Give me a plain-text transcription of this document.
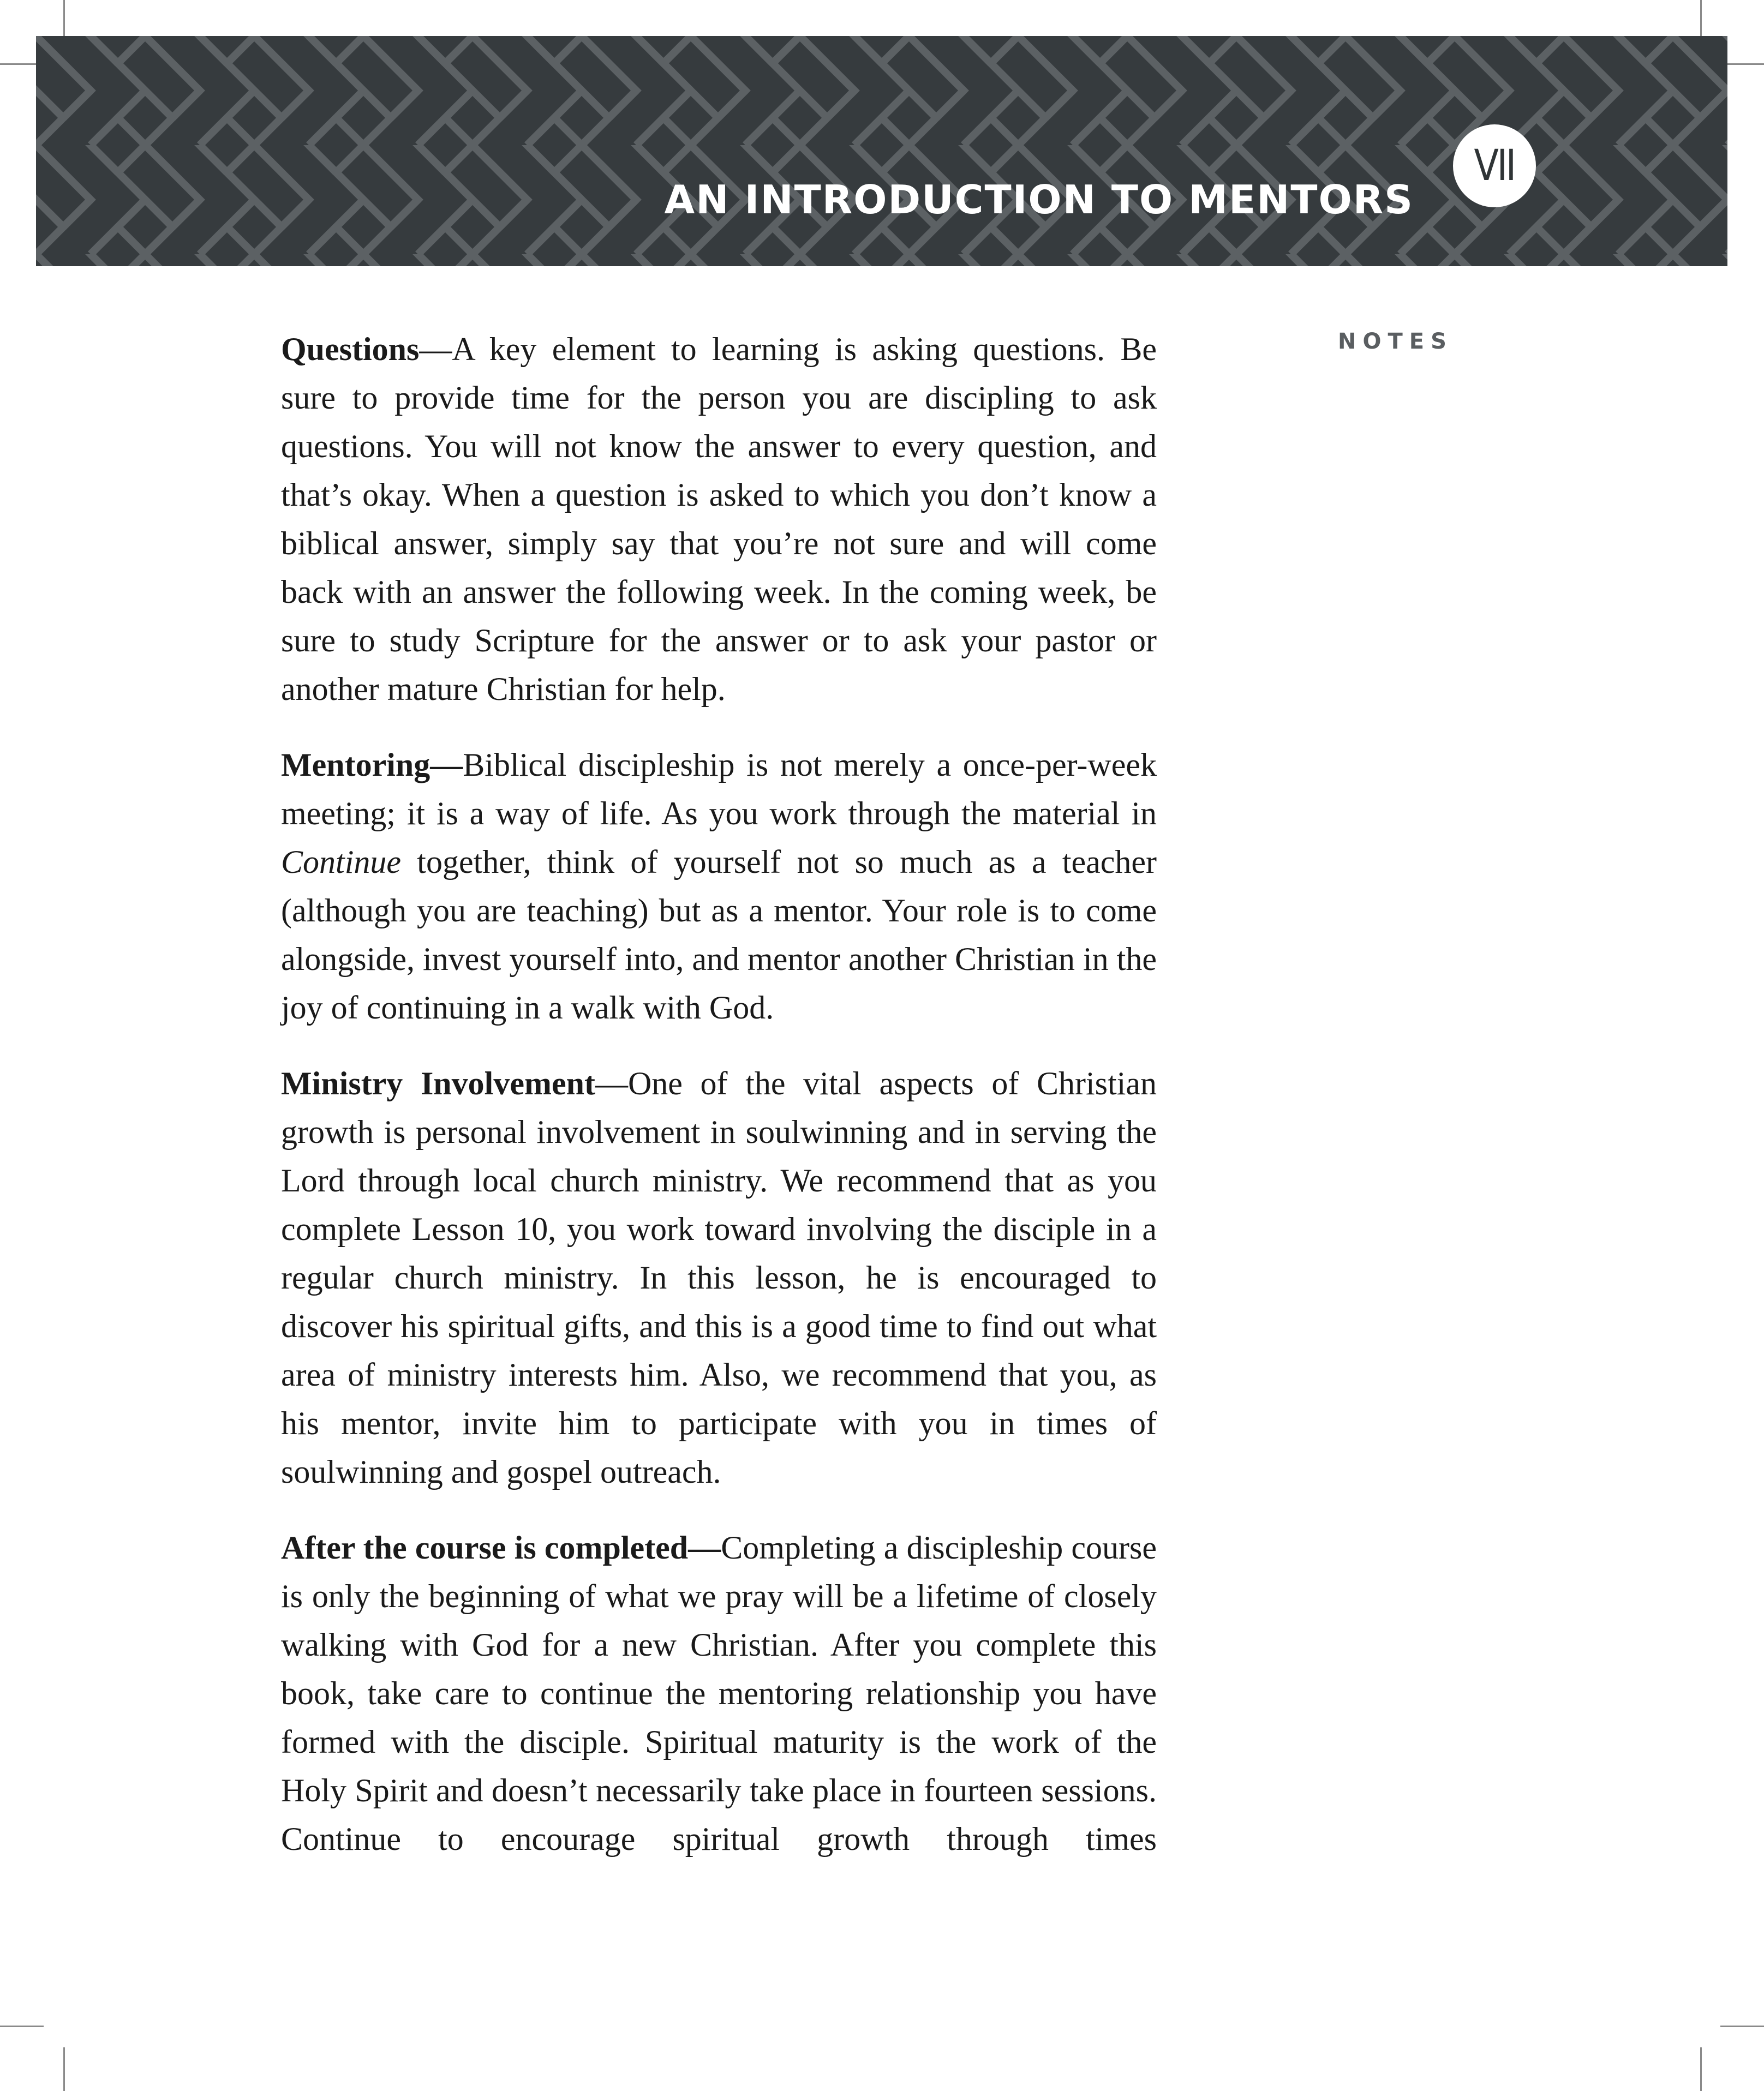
AN INTRODUCTION TO MENTORS
VII
NOTES

Questions—A key element to learning is asking questions. Be sure to provide time for the person you are discipling to ask questions. You will not know the answer to every question, and that’s okay. When a question is asked to which you don’t know a biblical answer, simply say that you’re not sure and will come back with an answer the following week. In the coming week, be sure to study Scripture for the answer or to ask your pastor or another mature Christian for help.

Mentoring—Biblical discipleship is not merely a once-per-week meeting; it is a way of life. As you work through the material in Continue together, think of yourself not so much as a teacher (although you are teaching) but as a mentor. Your role is to come alongside, invest yourself into, and mentor another Christian in the joy of continuing in a walk with God.

Ministry Involvement—One of the vital aspects of Christian growth is personal involvement in soulwinning and in serving the Lord through local church ministry. We recommend that as you complete Lesson 10, you work toward involving the disciple in a regular church ministry. In this lesson, he is encouraged to discover his spiritual gifts, and this is a good time to find out what area of ministry interests him. Also, we recommend that you, as his mentor, invite him to participate with you in times of soulwinning and gospel outreach.

After the course is completed—Completing a discipleship course is only the beginning of what we pray will be a lifetime of closely walking with God for a new Christian. After you complete this book, take care to continue the mentoring relationship you have formed with the disciple. Spiritual maturity is the work of the Holy Spirit and doesn’t necessarily take place in fourteen sessions. Continue to encourage spiritual growth through times
